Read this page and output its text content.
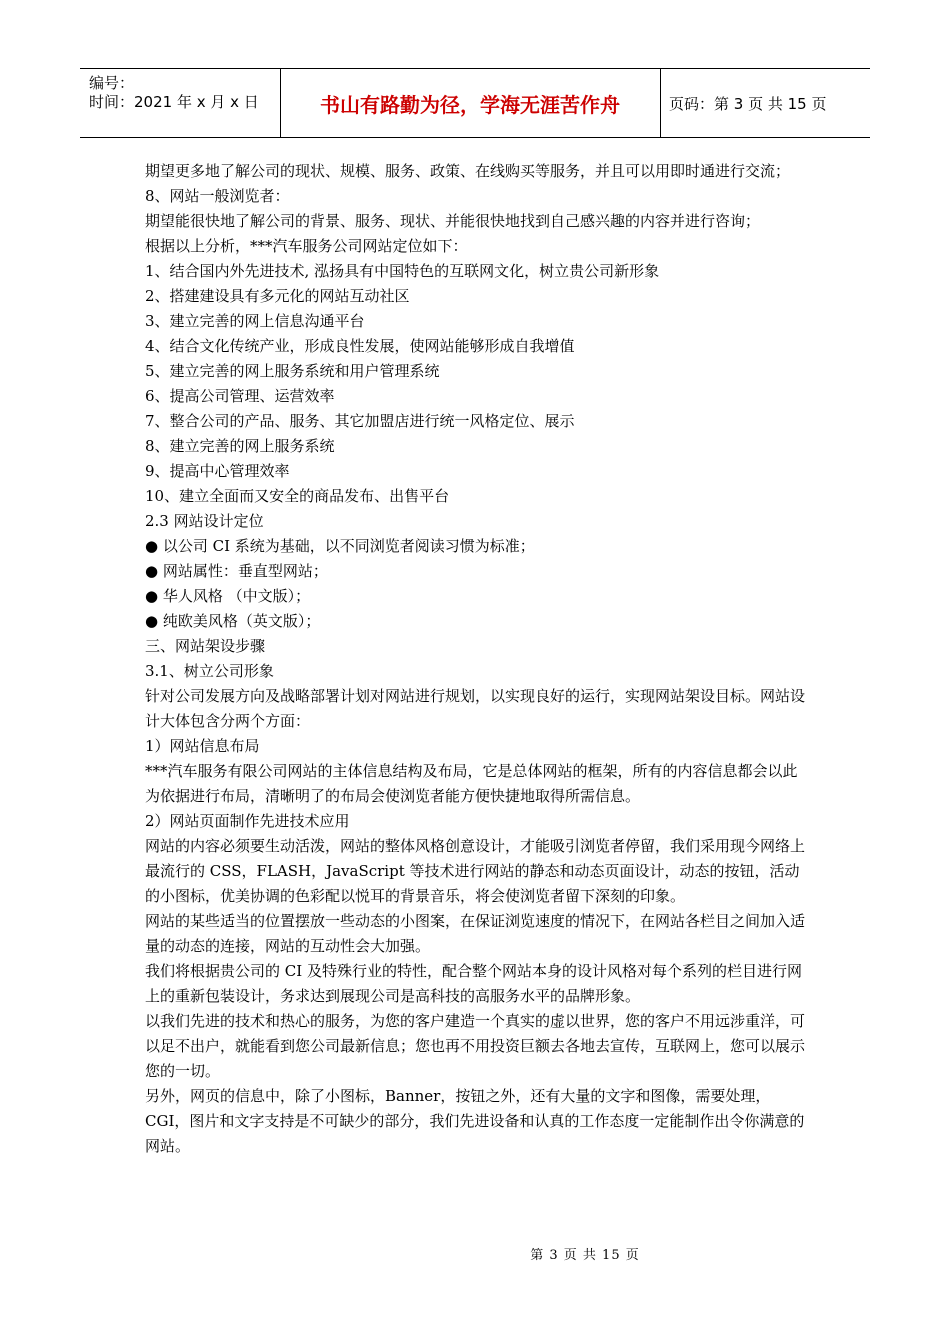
编号：
时间：2021 年 x 月 x 日	书山有路勤为径，学海无涯苦作舟	页码：第 3 页 共 15 页

期望更多地了解公司的现状、规模、服务、政策、在线购买等服务，并且可以用即时通进行交流；

8、网站一般浏览者：

期望能很快地了解公司的背景、服务、现状、并能很快地找到自己感兴趣的内容并进行咨询；

根据以上分析，***汽车服务公司网站定位如下：

1、结合国内外先进技术, 泓扬具有中国特色的互联网文化，树立贵公司新形象

2、搭建建设具有多元化的网站互动社区

3、建立完善的网上信息沟通平台

4、结合文化传统产业，形成良性发展，使网站能够形成自我增值

5、建立完善的网上服务系统和用户管理系统

6、提高公司管理、运营效率

7、整合公司的产品、服务、其它加盟店进行统一风格定位、展示

8、建立完善的网上服务系统

9、提高中心管理效率

10、建立全面而又安全的商品发布、出售平台

2.3 网站设计定位

● 以公司 CI 系统为基础，以不同浏览者阅读习惯为标准；

● 网站属性：垂直型网站；

● 华人风格 （中文版）；

● 纯欧美风格（英文版）；

三、网站架设步骤

3.1、树立公司形象

针对公司发展方向及战略部署计划对网站进行规划，以实现良好的运行，实现网站架设目标。网站设计大体包含分两个方面：

1）网站信息布局

***汽车服务有限公司网站的主体信息结构及布局，它是总体网站的框架，所有的内容信息都会以此为依据进行布局，清晰明了的布局会使浏览者能方便快捷地取得所需信息。

2）网站页面制作先进技术应用

网站的内容必须要生动活泼，网站的整体风格创意设计，才能吸引浏览者停留，我们采用现今网络上最流行的 CSS，FLASH，JavaScript 等技术进行网站的静态和动态页面设计，动态的按钮，活动的小图标，优美协调的色彩配以悦耳的背景音乐，将会使浏览者留下深刻的印象。

网站的某些适当的位置摆放一些动态的小图案，在保证浏览速度的情况下，在网站各栏目之间加入适量的动态的连接，网站的互动性会大加强。

我们将根据贵公司的 CI 及特殊行业的特性，配合整个网站本身的设计风格对每个系列的栏目进行网上的重新包装设计，务求达到展现公司是高科技的高服务水平的品牌形象。

以我们先进的技术和热心的服务，为您的客户建造一个真实的虚以世界，您的客户不用远涉重洋，可以足不出户，就能看到您公司最新信息；您也再不用投资巨额去各地去宣传，互联网上，您可以展示您的一切。

另外，网页的信息中，除了小图标，Banner，按钮之外，还有大量的文字和图像，需要处理，CGI，图片和文字支持是不可缺少的部分，我们先进设备和认真的工作态度一定能制作出令你满意的网站。

第 3 页 共 15 页
